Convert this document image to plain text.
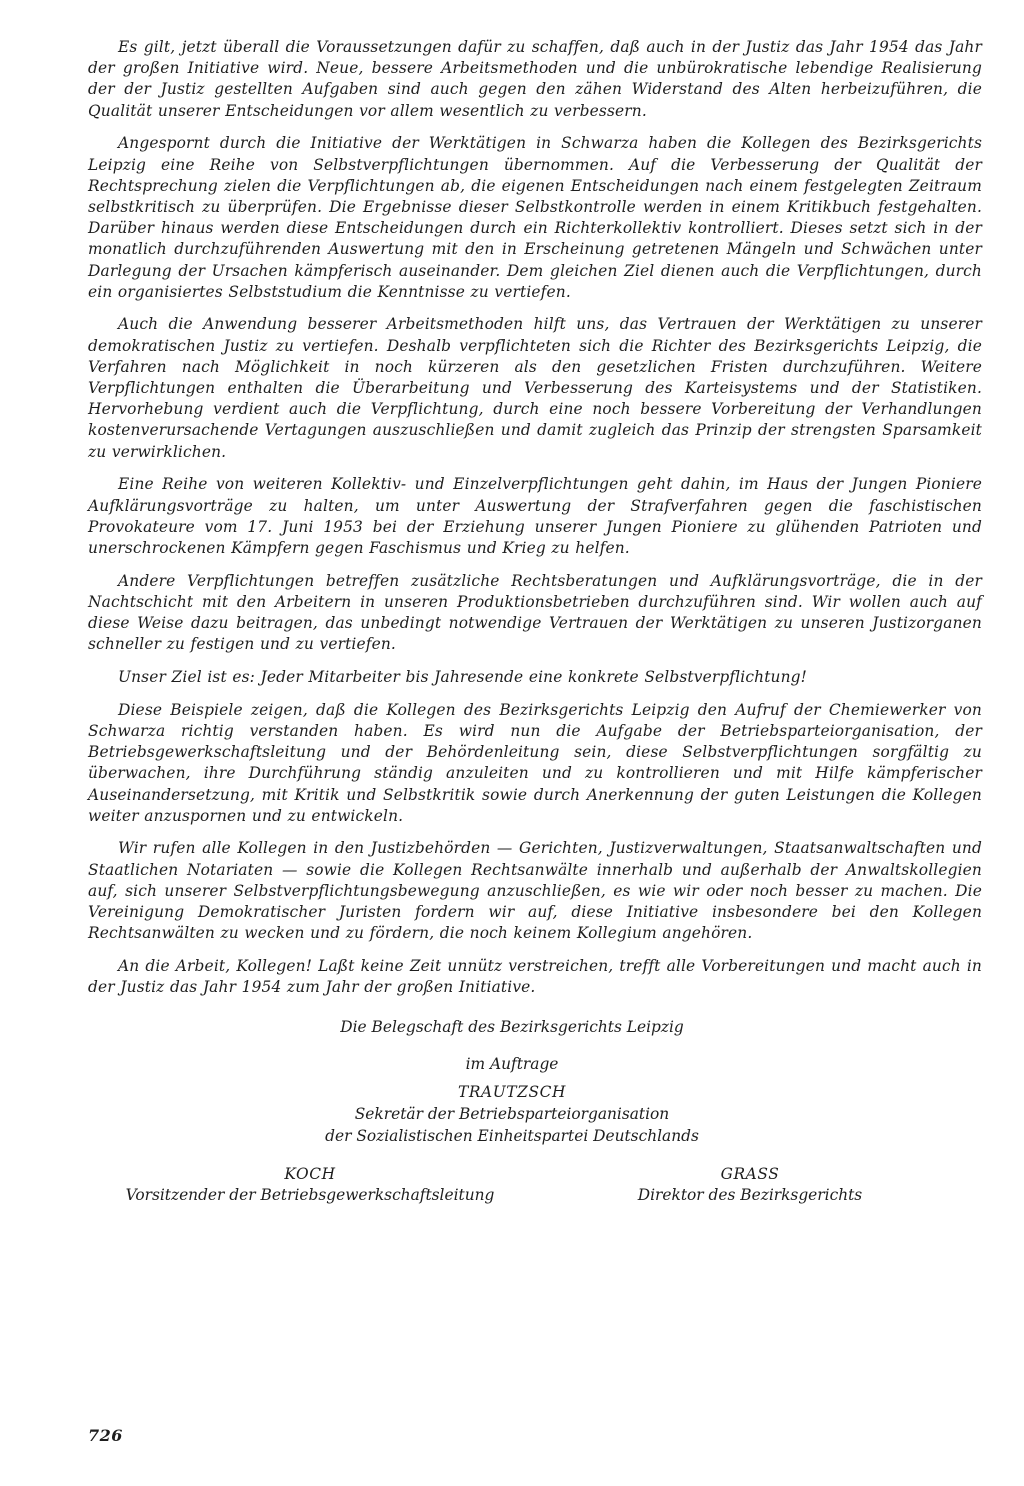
Es gilt, jetzt überall die Voraussetzungen dafür zu schaffen, daß auch in der Justiz das Jahr 1954 das Jahr der großen Initiative wird. Neue, bessere Arbeitsmethoden und die unbürokratische lebendige Realisierung der der Justiz gestellten Aufgaben sind auch gegen den zähen Widerstand des Alten herbeizuführen, die Qualität unserer Entscheidungen vor allem wesentlich zu verbessern.

Angespornt durch die Initiative der Werktätigen in Schwarza haben die Kollegen des Bezirksgerichts Leipzig eine Reihe von Selbstverpflichtungen übernommen. Auf die Verbesserung der Qualität der Rechtsprechung zielen die Verpflichtungen ab, die eigenen Entscheidungen nach einem festgelegten Zeitraum selbstkritisch zu überprüfen. Die Ergebnisse dieser Selbstkontrolle werden in einem Kritikbuch festgehalten. Darüber hinaus werden diese Entscheidungen durch ein Richterkollektiv kontrolliert. Dieses setzt sich in der monatlich durchzuführenden Auswertung mit den in Erscheinung getretenen Mängeln und Schwächen unter Darlegung der Ursachen kämpferisch auseinander. Dem gleichen Ziel dienen auch die Verpflichtungen, durch ein organisiertes Selbststudium die Kenntnisse zu vertiefen.

Auch die Anwendung besserer Arbeitsmethoden hilft uns, das Vertrauen der Werktätigen zu unserer demokratischen Justiz zu vertiefen. Deshalb verpflichteten sich die Richter des Bezirksgerichts Leipzig, die Verfahren nach Möglichkeit in noch kürzeren als den gesetzlichen Fristen durchzuführen. Weitere Verpflichtungen enthalten die Überarbeitung und Verbesserung des Karteisystems und der Statistiken. Hervorhebung verdient auch die Verpflichtung, durch eine noch bessere Vorbereitung der Verhandlungen kostenverursachende Vertagungen auszuschließen und damit zugleich das Prinzip der strengsten Sparsamkeit zu verwirklichen.

Eine Reihe von weiteren Kollektiv- und Einzelverpflichtungen geht dahin, im Haus der Jungen Pioniere Aufklärungsvorträge zu halten, um unter Auswertung der Strafverfahren gegen die faschistischen Provokateure vom 17. Juni 1953 bei der Erziehung unserer Jungen Pioniere zu glühenden Patrioten und unerschrockenen Kämpfern gegen Faschismus und Krieg zu helfen.

Andere Verpflichtungen betreffen zusätzliche Rechtsberatungen und Aufklärungsvorträge, die in der Nachtschicht mit den Arbeitern in unseren Produktionsbetrieben durchzuführen sind. Wir wollen auch auf diese Weise dazu beitragen, das unbedingt notwendige Vertrauen der Werktätigen zu unseren Justizorganen schneller zu festigen und zu vertiefen.

Unser Ziel ist es: Jeder Mitarbeiter bis Jahresende eine konkrete Selbstverpflichtung!

Diese Beispiele zeigen, daß die Kollegen des Bezirksgerichts Leipzig den Aufruf der Chemiewerker von Schwarza richtig verstanden haben. Es wird nun die Aufgabe der Betriebsparteiorganisation, der Betriebsgewerkschaftsleitung und der Behördenleitung sein, diese Selbstverpflichtungen sorgfältig zu überwachen, ihre Durchführung ständig anzuleiten und zu kontrollieren und mit Hilfe kämpferischer Auseinandersetzung, mit Kritik und Selbstkritik sowie durch Anerkennung der guten Leistungen die Kollegen weiter anzuspornen und zu entwickeln.

Wir rufen alle Kollegen in den Justizbehörden — Gerichten, Justizverwaltungen, Staatsanwaltschaften und Staatlichen Notariaten — sowie die Kollegen Rechtsanwälte innerhalb und außerhalb der Anwaltskollegien auf, sich unserer Selbstverpflichtungsbewegung anzuschließen, es wie wir oder noch besser zu machen. Die Vereinigung Demokratischer Juristen fordern wir auf, diese Initiative insbesondere bei den Kollegen Rechtsanwälten zu wecken und zu fördern, die noch keinem Kollegium angehören.

An die Arbeit, Kollegen! Laßt keine Zeit unnütz verstreichen, trefft alle Vorbereitungen und macht auch in der Justiz das Jahr 1954 zum Jahr der großen Initiative.

Die Belegschaft des Bezirksgerichts Leipzig
im Auftrage
TRAUTZSCH
Sekretär der Betriebsparteiorganisation
der Sozialistischen Einheitspartei Deutschlands
KOCH
Vorsitzender der Betriebsgewerkschaftsleitung
GRASS
Direktor des Bezirksgerichts
726
